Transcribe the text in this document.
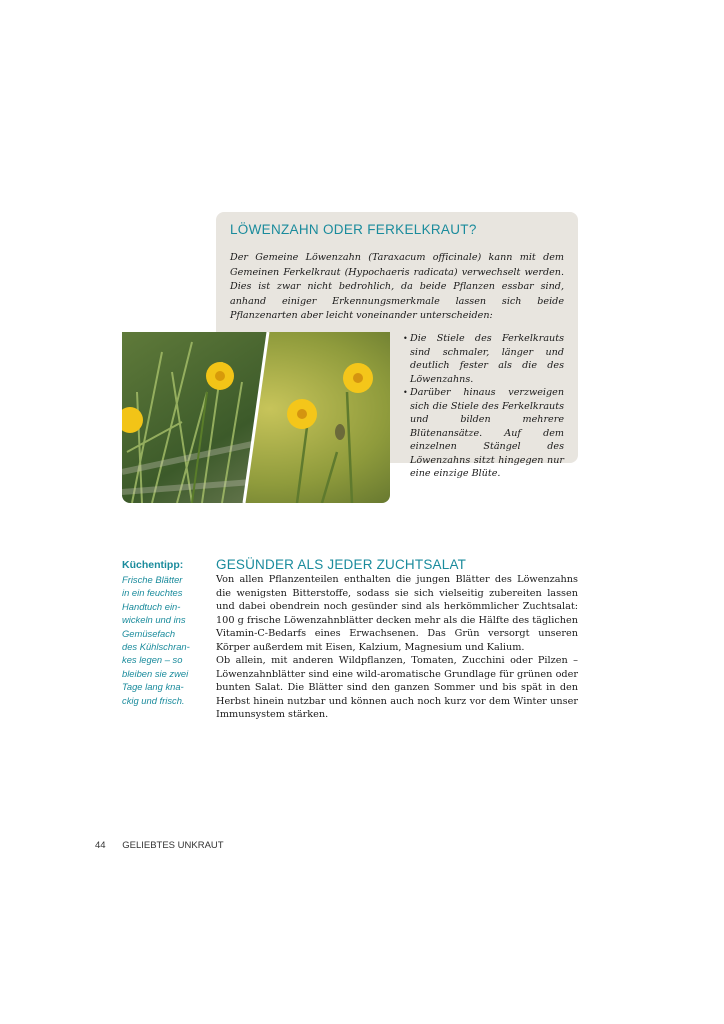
LÖWENZAHN ODER FERKELKRAUT?

Der Gemeine Löwenzahn (Taraxacum officinale) kann mit dem Gemeinen Ferkelkraut (Hypochaeris radicata) verwechselt werden. Dies ist zwar nicht bedrohlich, da beide Pflanzen essbar sind, anhand einiger Erkennungsmerkmale lassen sich beide Pflanzenarten aber leicht voneinander unterscheiden:

• Die Stiele des Ferkelkrauts sind schmaler, länger und deutlich fester als die des Löwenzahns.
• Darüber hinaus verzweigen sich die Stiele des Ferkelkrauts und bilden mehrere Blütenansätze. Auf dem einzelnen Stängel des Löwenzahns sitzt hingegen nur eine einzige Blüte.

Küchentipp:

Frische Blätter
in ein feuchtes
Handtuch ein-
wickeln und ins
Gemüsefach
des Kühlschran-
kes legen – so
bleiben sie zwei
Tage lang kna-
ckig und frisch.

GESÜNDER ALS JEDER ZUCHTSALAT

Von allen Pflanzenteilen enthalten die jungen Blätter des Löwenzahns die wenigsten Bitterstoffe, sodass sie sich vielseitig zubereiten lassen und dabei obendrein noch gesünder sind als herkömmlicher Zuchtsalat: 100 g frische Löwenzahnblätter decken mehr als die Hälfte des täglichen Vitamin-C-Bedarfs eines Erwachsenen. Das Grün versorgt unseren Körper außerdem mit Eisen, Kalzium, Magnesium und Kalium.

Ob allein, mit anderen Wildpflanzen, Tomaten, Zucchini oder Pilzen – Löwenzahnblätter sind eine wild-aromatische Grundlage für grünen oder bunten Salat. Die Blätter sind den ganzen Sommer und bis spät in den Herbst hinein nutzbar und können auch noch kurz vor dem Winter unser Immunsystem stärken.

44 GELIEBTES UNKRAUT
